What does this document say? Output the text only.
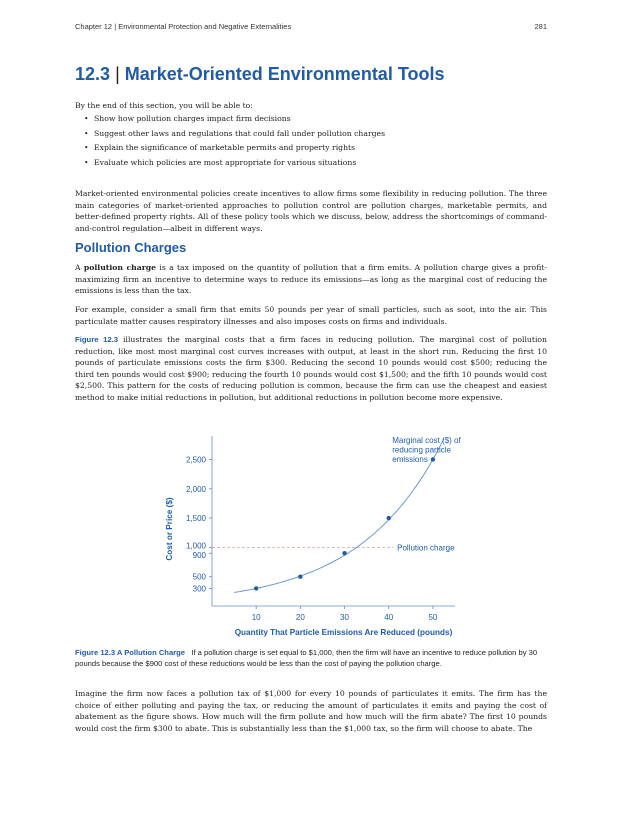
Chapter 12 | Environmental Protection and Negative Externalities	281
12.3 | Market-Oriented Environmental Tools
By the end of this section, you will be able to:
• Show how pollution charges impact firm decisions
• Suggest other laws and regulations that could fall under pollution charges
• Explain the significance of marketable permits and property rights
• Evaluate which policies are most appropriate for various situations

Market-oriented environmental policies create incentives to allow firms some flexibility in reducing pollution. The three main categories of market-oriented approaches to pollution control are pollution charges, marketable permits, and better-defined property rights. All of these policy tools which we discuss, below, address the shortcomings of command-and-control regulation—albeit in different ways.

Pollution Charges

A pollution charge is a tax imposed on the quantity of pollution that a firm emits. A pollution charge gives a profit-maximizing firm an incentive to determine ways to reduce its emissions—as long as the marginal cost of reducing the emissions is less than the tax.

For example, consider a small firm that emits 50 pounds per year of small particles, such as soot, into the air. This particulate matter causes respiratory illnesses and also imposes costs on firms and individuals.

Figure 12.3 illustrates the marginal costs that a firm faces in reducing pollution. The marginal cost of pollution reduction, like most most marginal cost curves increases with output, at least in the short run. Reducing the first 10 pounds of particulate emissions costs the firm $300. Reducing the second 10 pounds would cost $500; reducing the third ten pounds would cost $900; reducing the fourth 10 pounds would cost $1,500; and the fifth 10 pounds would cost $2,500. This pattern for the costs of reducing pollution is common, because the firm can use the cheapest and easiest method to make initial reductions in pollution, but additional reductions in pollution become more expensive.

300
500
900
1,000
1,500
2,000
2,500
10	20	30	40	50
Quantity That Particle Emissions Are Reduced (pounds)
Cost or Price ($)	Pollution charge
Marginal cost ($) of
reducing particle
emissions
Figure 12.3 A Pollution Charge If a pollution charge is set equal to $1,000, then the firm will have an incentive to reduce pollution by 30 pounds because the $900 cost of these reductions would be less than the cost of paying the pollution charge.

Imagine the firm now faces a pollution tax of $1,000 for every 10 pounds of particulates it emits. The firm has the choice of either polluting and paying the tax, or reducing the amount of particulates it emits and paying the cost of abatement as the figure shows. How much will the firm pollute and how much will the firm abate? The first 10 pounds would cost the firm $300 to abate. This is substantially less than the $1,000 tax, so the firm will choose to abate. The
